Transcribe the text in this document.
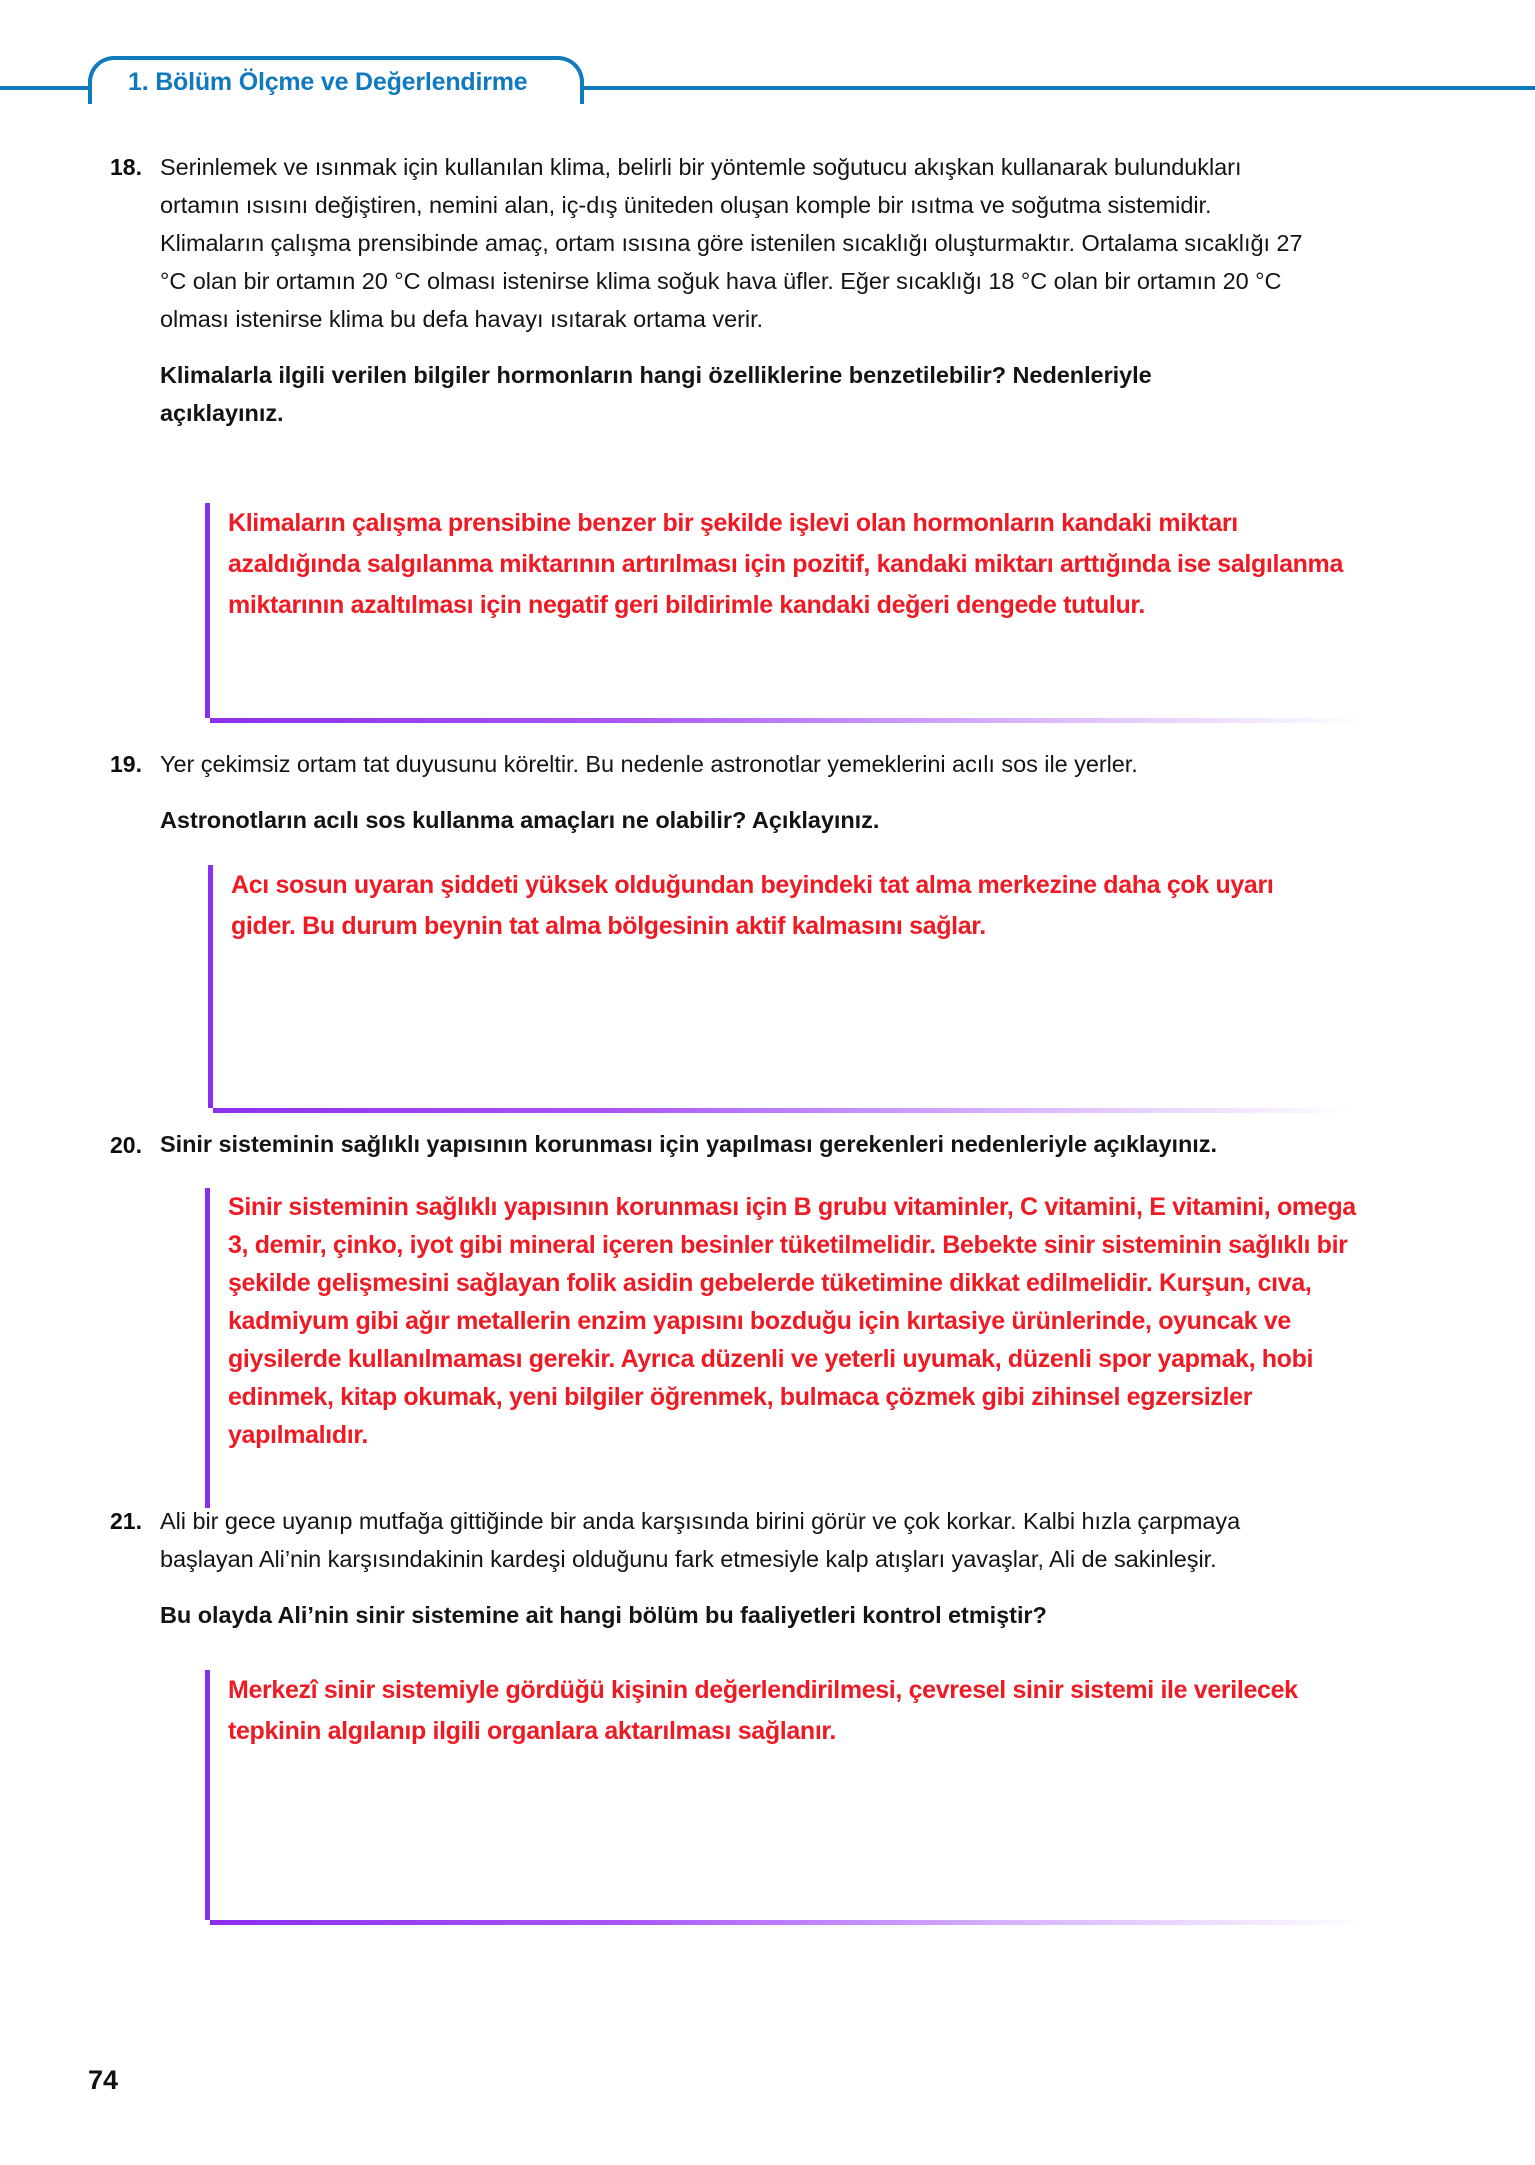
1. Bölüm Ölçme ve Değerlendirme
18. Serinlemek ve ısınmak için kullanılan klima, belirli bir yöntemle soğutucu akışkan kullanarak bulundukları ortamın ısısını değiştiren, nemini alan, iç-dış üniteden oluşan komple bir ısıtma ve soğutma sistemidir. Klimaların çalışma prensibinde amaç, ortam ısısına göre istenilen sıcaklığı oluşturmaktır. Ortalama sıcaklığı 27 °C olan bir ortamın 20 °C olması istenirse klima soğuk hava üfler. Eğer sıcaklığı 18 °C olan bir ortamın 20 °C olması istenirse klima bu defa havayı ısıtarak ortama verir.
Klimalarla ilgili verilen bilgiler hormonların hangi özelliklerine benzetilebilir? Nedenleriyle açıklayınız.
Klimaların çalışma prensibine benzer bir şekilde işlevi olan hormonların kandaki miktarı azaldığında salgılanma miktarının artırılması için pozitif, kandaki miktarı arttığında ise salgılanma miktarının azaltılması için negatif geri bildirimle kandaki değeri dengede tutulur.
19. Yer çekimsiz ortam tat duyusunu köreltir. Bu nedenle astronotlar yemeklerini acılı sos ile yerler.
Astronotların acılı sos kullanma amaçları ne olabilir? Açıklayınız.
Acı sosun uyaran şiddeti yüksek olduğundan beyindeki tat alma merkezine daha çok uyarı gider. Bu durum beynin tat alma bölgesinin aktif kalmasını sağlar.
20. Sinir sisteminin sağlıklı yapısının korunması için yapılması gerekenleri nedenleriyle açıklayınız.
Sinir sisteminin sağlıklı yapısının korunması için B grubu vitaminler, C vitamini, E vitamini, omega 3, demir, çinko, iyot gibi mineral içeren besinler tüketilmelidir. Bebekte sinir sisteminin sağlıklı bir şekilde gelişmesini sağlayan folik asidin gebelerde tüketimine dikkat edilmelidir. Kurşun, cıva, kadmiyum gibi ağır metallerin enzim yapısını bozduğu için kırtasiye ürünlerinde, oyuncak ve giysilerde kullanılmaması gerekir. Ayrıca düzenli ve yeterli uyumak, düzenli spor yapmak, hobi edinmek, kitap okumak, yeni bilgiler öğrenmek, bulmaca çözmek gibi zihinsel egzersizler yapılmalıdır.
21. Ali bir gece uyanıp mutfağa gittiğinde bir anda karşısında birini görür ve çok korkar. Kalbi hızla çarpmaya başlayan Ali’nin karşısındakinin kardeşi olduğunu fark etmesiyle kalp atışları yavaşlar, Ali de sakinleşir.
Bu olayda Ali’nin sinir sistemine ait hangi bölüm bu faaliyetleri kontrol etmiştir?
Merkezî sinir sistemiyle gördüğü kişinin değerlendirilmesi, çevresel sinir sistemi ile verilecek tepkinin algılanıp ilgili organlara aktarılması sağlanır.
74
